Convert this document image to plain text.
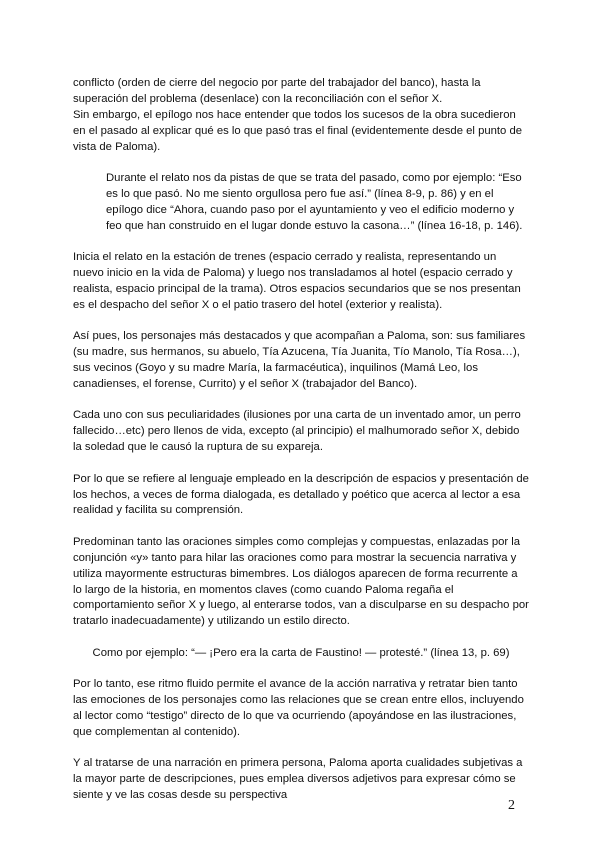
conflicto (orden de cierre del negocio por parte del trabajador del banco), hasta la superación del problema (desenlace) con la reconciliación con el señor X.

Sin embargo, el epílogo nos hace entender que todos los sucesos de la obra sucedieron en el pasado al explicar qué es lo que pasó tras el final (evidentemente desde el punto de vista de Paloma).

Durante el relato nos da pistas de que se trata del pasado, como por ejemplo: “Eso es lo que pasó. No me siento orgullosa pero fue así.” (línea 8-9, p. 86) y en el epílogo dice “Ahora, cuando paso por el ayuntamiento y veo el edificio moderno y feo que han construido en el lugar donde estuvo la casona…” (línea 16-18, p. 146).

Inicia el relato en la estación de trenes (espacio cerrado y realista, representando un nuevo inicio en la vida de Paloma) y luego nos transladamos al hotel (espacio cerrado y realista, espacio principal de la trama). Otros espacios secundarios que se nos presentan es el despacho del señor X o el patio trasero del hotel (exterior y realista).

Así pues, los personajes más destacados y que acompañan a Paloma, son: sus familiares (su madre, sus hermanos, su abuelo, Tía Azucena, Tía Juanita, Tío Manolo, Tía Rosa…), sus vecinos (Goyo y su madre María, la farmacéutica), inquilinos (Mamá Leo, los canadienses, el forense, Currito) y el señor X (trabajador del Banco).

Cada uno con sus peculiaridades (ilusiones por una carta de un inventado amor, un perro fallecido…etc) pero llenos de vida, excepto (al principio) el malhumorado señor X, debido la soledad que le causó la ruptura de su expareja.

Por lo que se refiere al lenguaje empleado en la descripción de espacios y presentación de los hechos, a veces de forma dialogada, es detallado y poético que acerca al lector a esa realidad y facilita su comprensión.

Predominan tanto las oraciones simples como complejas y compuestas, enlazadas por la conjunción «y» tanto para hilar las oraciones como para mostrar la secuencia narrativa y utiliza mayormente estructuras bimembres. Los diálogos aparecen de forma recurrente a lo largo de la historia, en momentos claves (como cuando Paloma regaña el comportamiento señor X y luego, al enterarse todos, van a disculparse en su despacho por tratarlo inadecuadamente) y utilizando un estilo directo.

Como por ejemplo: “— ¡Pero era la carta de Faustino! — protesté.” (línea 13, p. 69)

Por lo tanto, ese ritmo fluido permite el avance de la acción narrativa y retratar bien tanto las emociones de los personajes como las relaciones que se crean entre ellos, incluyendo al lector como “testigo” directo de lo que va ocurriendo (apoyándose en las ilustraciones, que complementan al contenido).

Y al tratarse de una narración en primera persona, Paloma aporta cualidades subjetivas a la mayor parte de descripciones, pues emplea diversos adjetivos para expresar cómo se siente y ve las cosas desde su perspectiva

2
